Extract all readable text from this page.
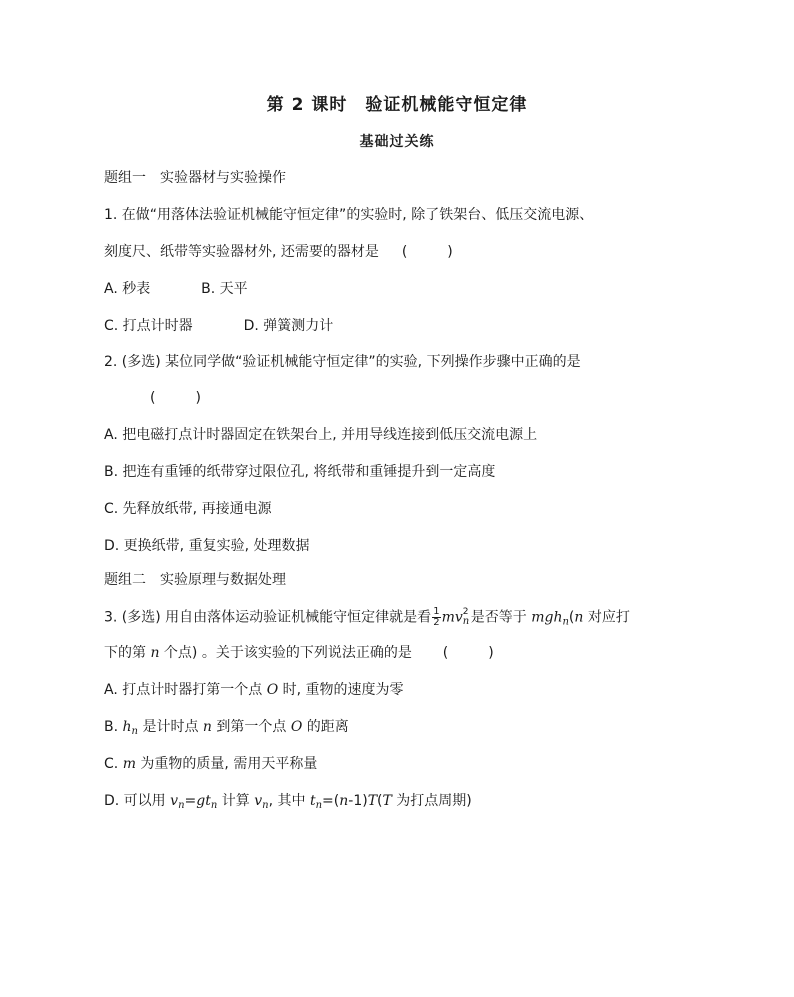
第 2 课时　验证机械能守恒定律
基础过关练
题组一　实验器材与实验操作
1. 在做“用落体法验证机械能守恒定律”的实验时, 除了铁架台、低压交流电源、
刻度尺、纸带等实验器材外, 还需要的器材是 (	)
A. 秒表	B. 天平
C. 打点计时器	D. 弹簧测力计
2. (多选) 某位同学做“验证机械能守恒定律”的实验, 下列操作步骤中正确的是
(	)
A. 把电磁打点计时器固定在铁架台上, 并用导线连接到低压交流电源上
B. 把连有重锤的纸带穿过限位孔, 将纸带和重锤提升到一定高度
C. 先释放纸带, 再接通电源
D. 更换纸带, 重复实验, 处理数据
题组二　实验原理与数据处理
3. (多选) 用自由落体运动验证机械能守恒定律就是看 $\frac{1}{2}$ mv 2
n 是否等于 mgh$_n$(n 对应打
下的第 n 个点) 。关于该实验的下列说法正确的是 (	)
A. 打点计时器打第一个点 O 时, 重物的速度为零
B. $h_n$ 是计时点 n 到第一个点 O 的距离
C. m 为重物的质量, 需用天平称量
D. 可以用 $v_n=gt_n$ 计算 $v_n$, 其中 $t_n=(n-1)T(T$ 为打点周期)
